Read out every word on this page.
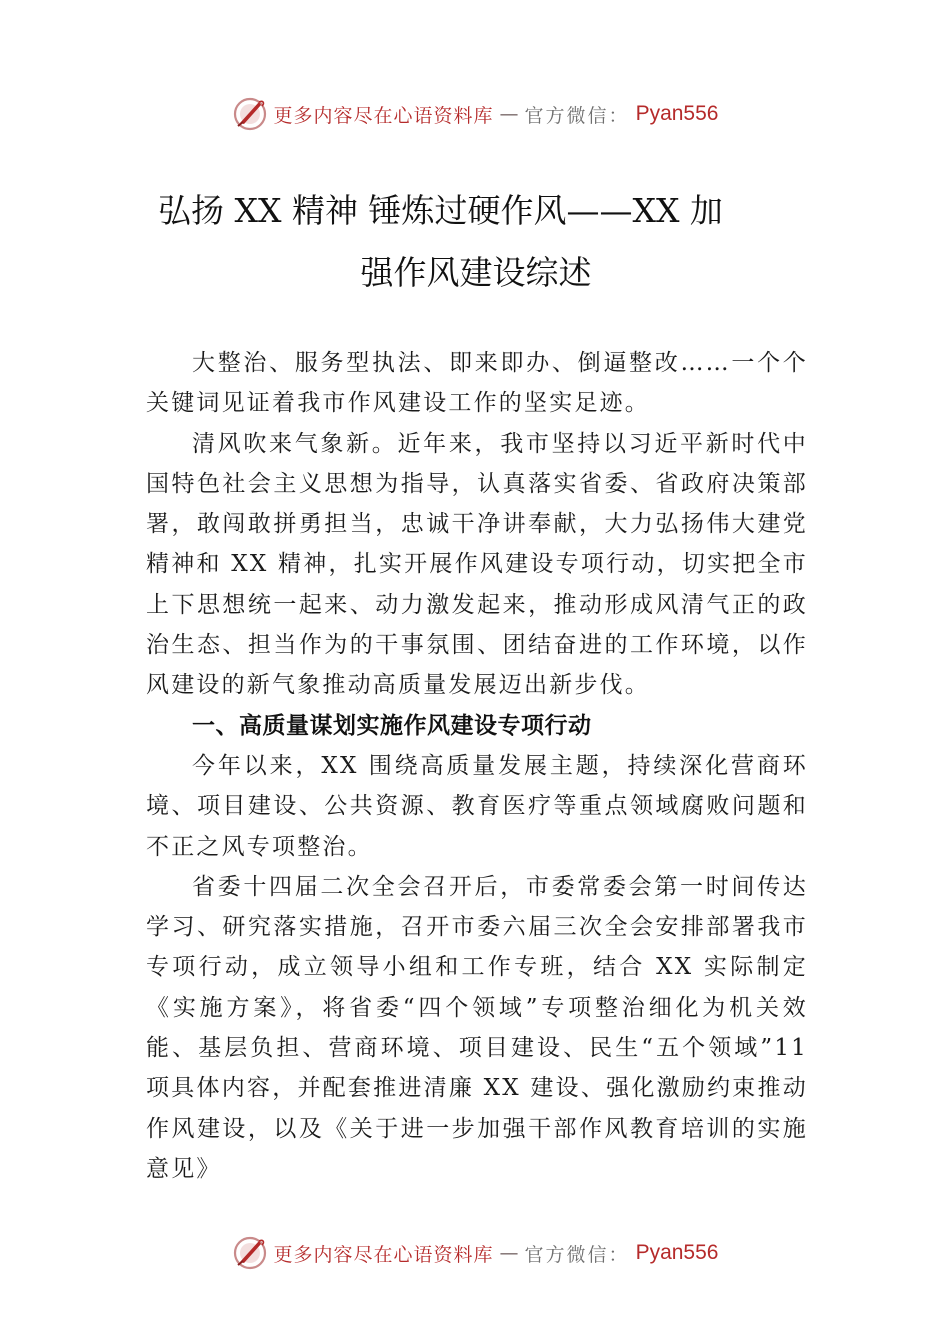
更多内容尽在心语资料库 — 官方微信： Pyan556
弘扬 XX 精神 锤炼过硬作风——XX 加
强作风建设综述

大整治、服务型执法、即来即办、倒逼整改……一个个关键词见证着我市作风建设工作的坚实足迹。

清风吹来气象新。近年来，我市坚持以习近平新时代中国特色社会主义思想为指导，认真落实省委、省政府决策部署，敢闯敢拼勇担当，忠诚干净讲奉献，大力弘扬伟大建党精神和 XX 精神，扎实开展作风建设专项行动，切实把全市上下思想统一起来、动力激发起来，推动形成风清气正的政治生态、担当作为的干事氛围、团结奋进的工作环境，以作风建设的新气象推动高质量发展迈出新步伐。

一、高质量谋划实施作风建设专项行动

今年以来，XX 围绕高质量发展主题，持续深化营商环境、项目建设、公共资源、教育医疗等重点领域腐败问题和不正之风专项整治。

省委十四届二次全会召开后，市委常委会第一时间传达学习、研究落实措施，召开市委六届三次全会安排部署我市专项行动，成立领导小组和工作专班，结合 XX 实际制定《实施方案》，将省委“四个领域”专项整治细化为机关效能、基层负担、营商环境、项目建设、民生“五个领域”11 项具体内容，并配套推进清廉 XX 建设、强化激励约束推动作风建设，以及《关于进一步加强干部作风教育培训的实施意见》

更多内容尽在心语资料库 — 官方微信： Pyan556
